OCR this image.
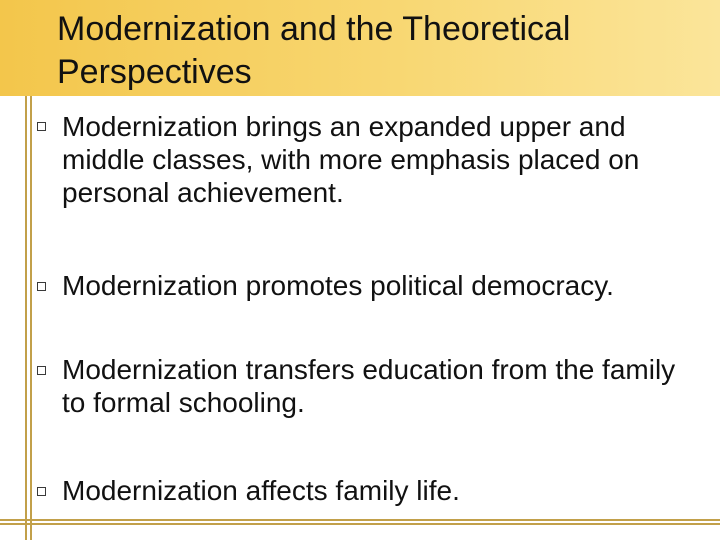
Modernization and the Theoretical Perspectives
Modernization brings an expanded upper and middle classes, with more emphasis placed on personal achievement.
Modernization promotes political democracy.
Modernization transfers education from the family to formal schooling.
Modernization affects family life.
